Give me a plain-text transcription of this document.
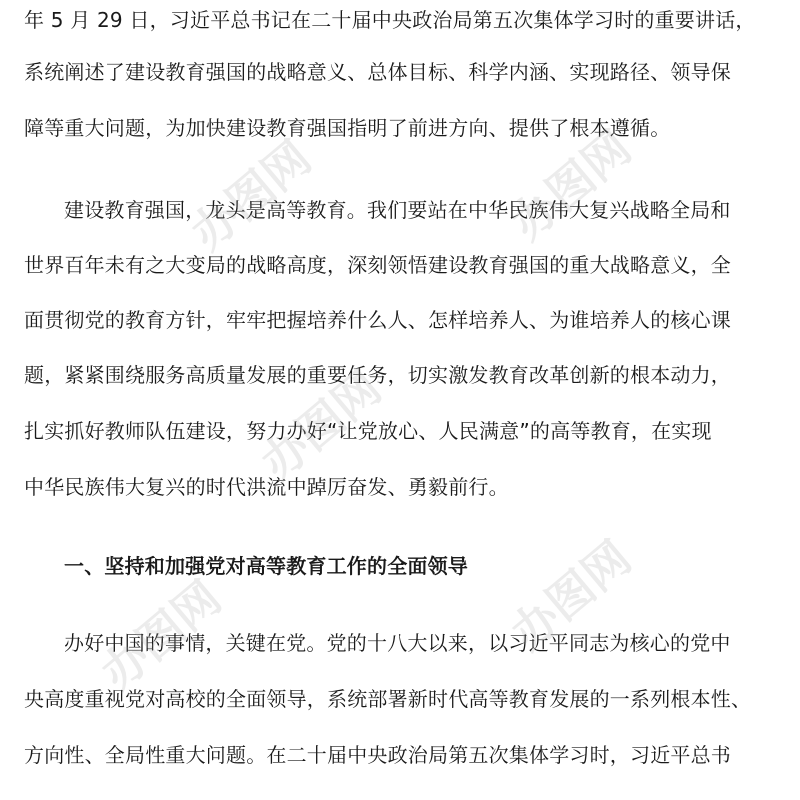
年 5 月 29 日，习近平总书记在二十届中央政治局第五次集体学习时的重要讲话，
系统阐述了建设教育强国的战略意义、总体目标、科学内涵、实现路径、领导保
障等重大问题，为加快建设教育强国指明了前进方向、提供了根本遵循。
建设教育强国，龙头是高等教育。我们要站在中华民族伟大复兴战略全局和
世界百年未有之大变局的战略高度，深刻领悟建设教育强国的重大战略意义，全
面贯彻党的教育方针，牢牢把握培养什么人、怎样培养人、为谁培养人的核心课
题，紧紧围绕服务高质量发展的重要任务，切实激发教育改革创新的根本动力，
扎实抓好教师队伍建设，努力办好“让党放心、人民满意”的高等教育，在实现
中华民族伟大复兴的时代洪流中踔厉奋发、勇毅前行。
一、坚持和加强党对高等教育工作的全面领导
办好中国的事情，关键在党。党的十八大以来，以习近平同志为核心的党中
央高度重视党对高校的全面领导，系统部署新时代高等教育发展的一系列根本性、
方向性、全局性重大问题。在二十届中央政治局第五次集体学习时，习近平总书
办图网	办图网
办图网
办图网	办图网
